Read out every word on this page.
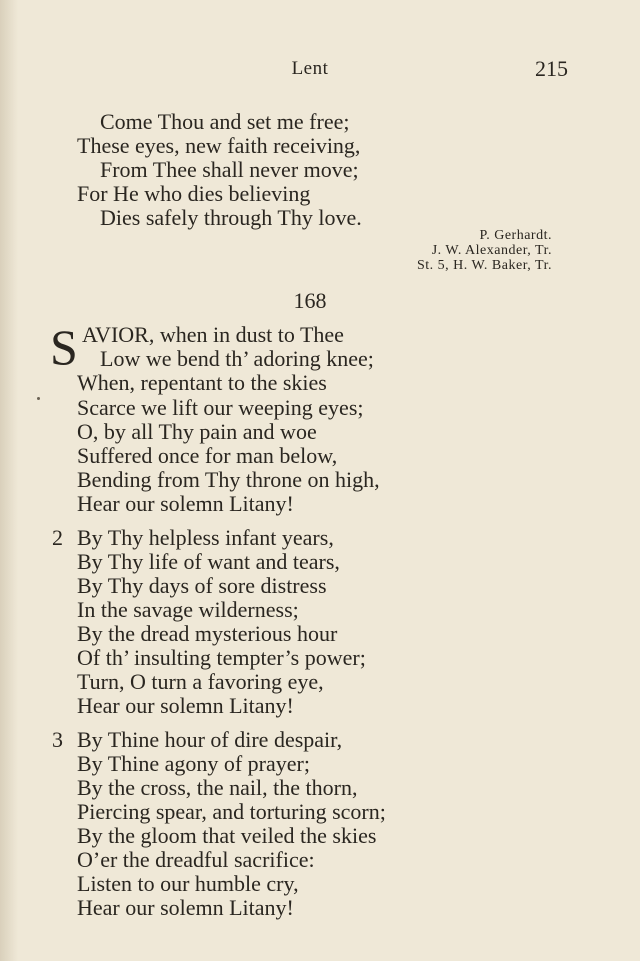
Lent	215
Come Thou and set me free;
These eyes, new faith receiving,
From Thee shall never move;
For He who dies believing
Dies safely through Thy love.
P. Gerhardt.
J. W. Alexander, Tr.
St. 5, H. W. Baker, Tr.
168
S AVIOR, when in dust to Thee
Low we bend th’ adoring knee;
When, repentant to the skies
Scarce we lift our weeping eyes;
O, by all Thy pain and woe
Suffered once for man below,
Bending from Thy throne on high,
Hear our solemn Litany!
2 By Thy helpless infant years,
By Thy life of want and tears,
By Thy days of sore distress
In the savage wilderness;
By the dread mysterious hour
Of th’ insulting tempter’s power;
Turn, O turn a favoring eye,
Hear our solemn Litany!
3 By Thine hour of dire despair,
By Thine agony of prayer;
By the cross, the nail, the thorn,
Piercing spear, and torturing scorn;
By the gloom that veiled the skies
O’er the dreadful sacrifice:
Listen to our humble cry,
Hear our solemn Litany!
